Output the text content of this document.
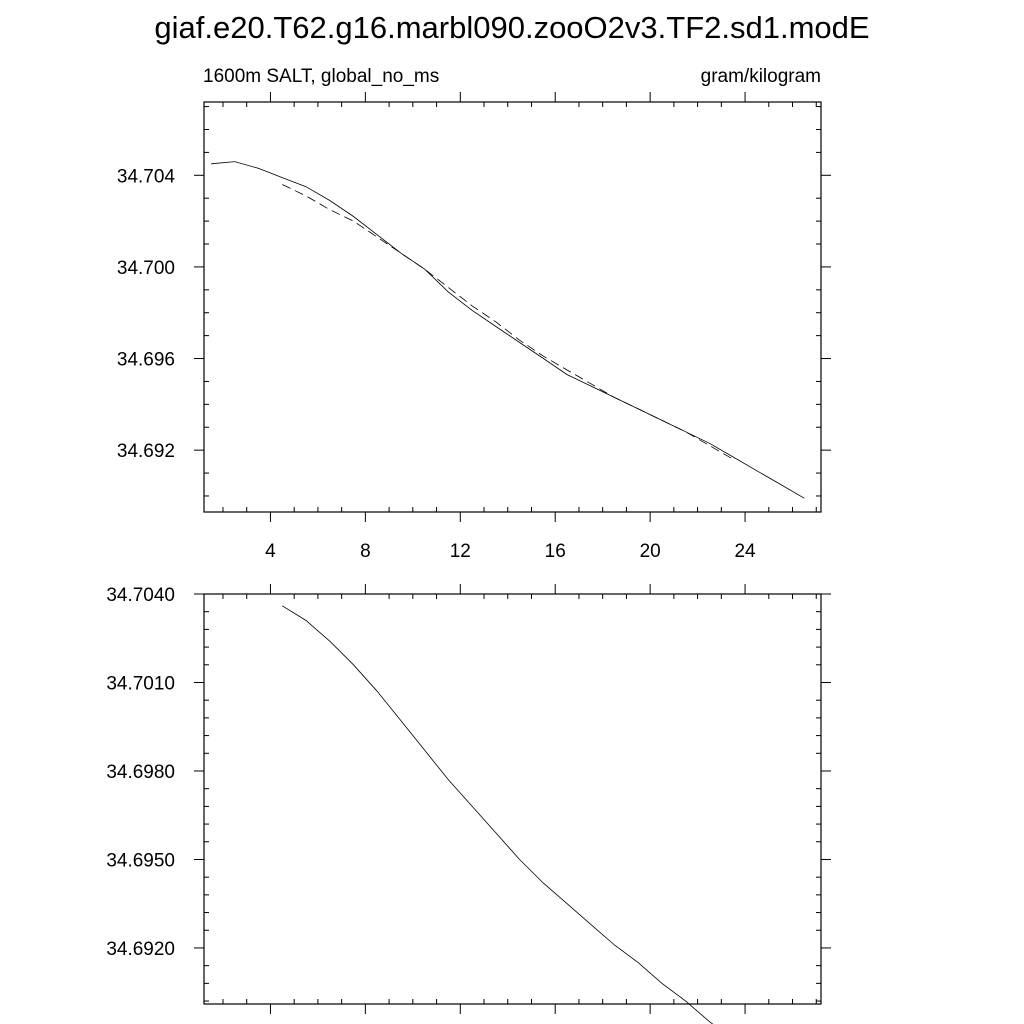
giaf.e20.T62.g16.marbl090.zooO2v3.TF2.sd1.modE
1600m SALT, global_no_ms	gram/kilogram
4	8	12	16	20	24
34.704
34.700
34.696
34.692
34.7040
34.7010
34.6980
34.6950
34.6920
